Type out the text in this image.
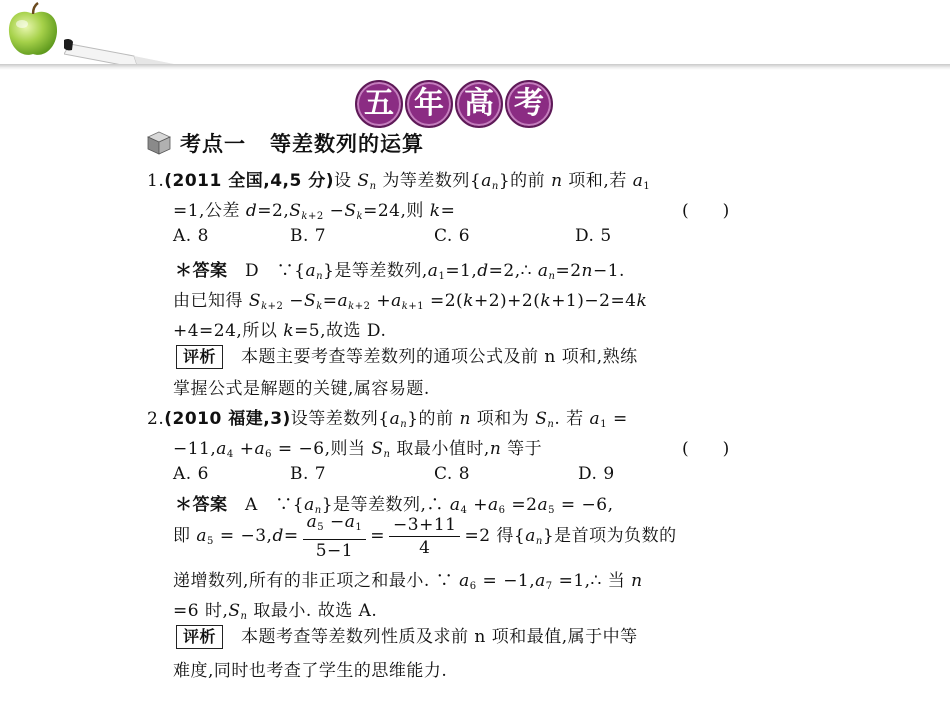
五 年 高 考
考点一 等差数列的运算
1.(2011 全国,4,5 分)设 $S_n$ 为等差数列$\{a_n\}$的前 n 项和,若 $a_1$
=1,公差 $d=2,S_{k+2} -S_k=24$,则 k=	(　　)
A. 8	B. 7	C. 6	D. 5
＊答案　 D　$\because\{a_n\}$是等差数列$,a_1=1,d=2,\therefore$ $a_n=2n-1$.
由已知得 $S_{k+2} -S_k=a_{k+2} +a_{k+1} =2(k+2)+2(k+1)-2=4k$
+4=24,所以 k=5,故选 D.
评析 本题主要考查等差数列的通项公式及前 n 项和,熟练
掌握公式是解题的关键,属容易题.
2.(2010 福建,3)设等差数列$\{a_n\}$的前 n 项和为 $S_n$. 若 $a_1$ =
$-11,a_4 +a_6 = -6$,则当 $S_n$ 取最小值时,n 等于	(　　)
A. 6	B. 7	C. 8	D. 9
＊答案　 A　$\because\{a_n\}$是等差数列,∴ $a_4 +a_6 =2a_5 = -6$,
即 $a_5 = -3,d= \frac{a_5 -a_1}{5-1} = \frac{-3+11}{4} =2$ 得$\{a_n\}$是首项为负数的
递增数列,所有的非正项之和最小. ∵ $a_6 = -1,a_7$ =1,∴ 当 n
=6 时$,S_n$ 取最小. 故选 A.
评析 本题考查等差数列性质及求前 n 项和最值,属于中等
难度,同时也考查了学生的思维能力.
